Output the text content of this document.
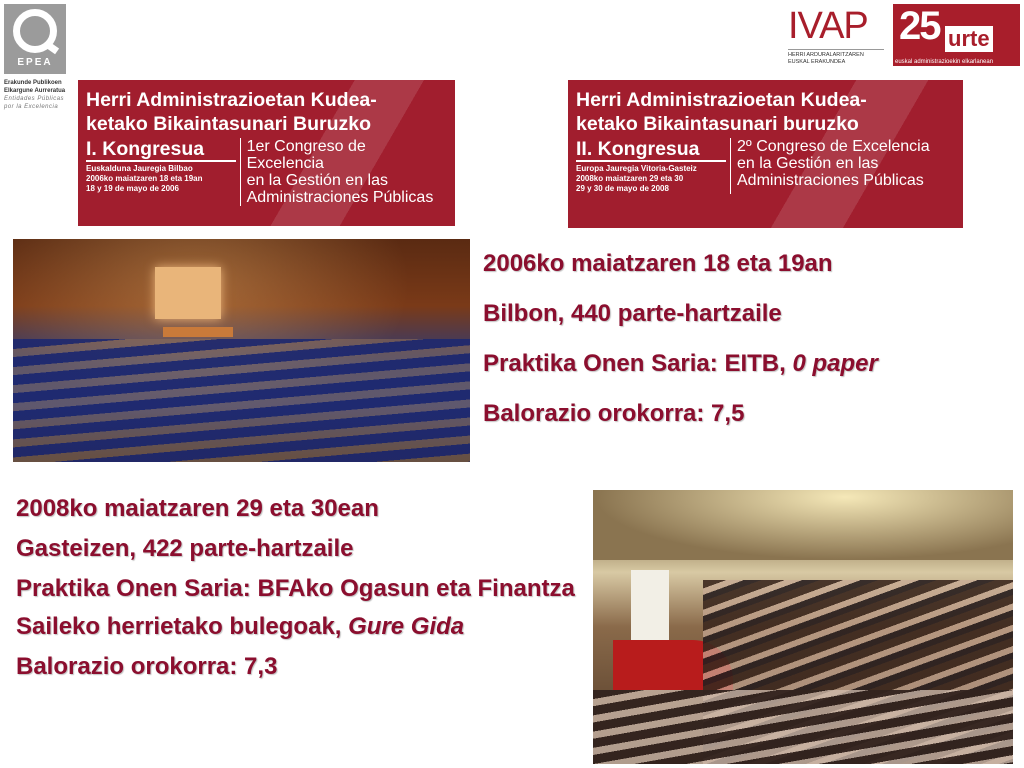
EPEA
Erakunde Publikoen
Elkargune Aurreratua
Entidades Públicas
por la Excelencia
IVAP
HERRI ARDURALARITZAREN
EUSKAL ERAKUNDEA
25 urte
euskal administrazioekin elkarlanean
Herri Administrazioetan Kudea-
ketako Bikaintasunari Buruzko
I. Kongresua
Euskalduna Jauregia Bilbao
2006ko maiatzaren 18 eta 19an
18 y 19 de mayo de 2006
1er Congreso de Excelencia
en la Gestión en las
Administraciones Públicas
Herri Administrazioetan Kudea-
ketako Bikaintasunari buruzko
II. Kongresua
Europa Jauregia Vitoria-Gasteiz
2008ko maiatzaren 29 eta 30
29 y 30 de mayo de 2008
2º Congreso de Excelencia
en la Gestión en las
Administraciones Públicas

2006ko maiatzaren 18 eta 19an

Bilbon, 440 parte-hartzaile

Praktika Onen Saria: EITB, 0 paper

Balorazio orokorra: 7,5

2008ko maiatzaren 29 eta 30ean

Gasteizen, 422 parte-hartzaile

Praktika Onen Saria: BFAko Ogasun eta Finantza Saileko herrietako bulegoak, Gure Gida

Balorazio orokorra: 7,3
